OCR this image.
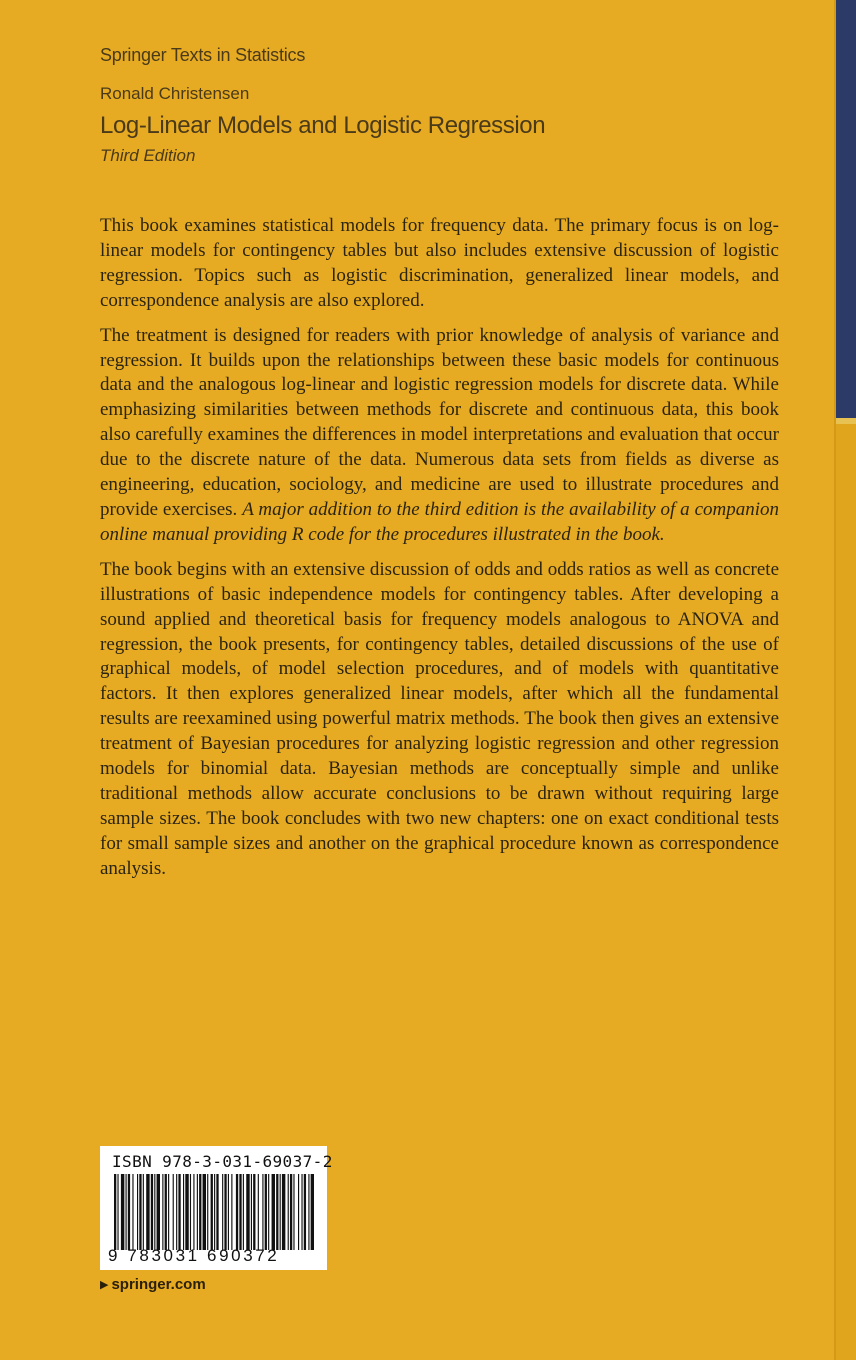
Springer Texts in Statistics
Ronald Christensen
Log-Linear Models and Logistic Regression
Third Edition

This book examines statistical models for frequency data. The primary focus is on log-linear models for contingency tables but also includes extensive discussion of logistic regression. Topics such as logistic discrimination, generalized linear models, and correspondence analysis are also explored.

The treatment is designed for readers with prior knowledge of analysis of variance and regression. It builds upon the relationships between these basic models for continuous data and the analogous log-linear and logistic regression models for discrete data. While emphasizing similarities between methods for discrete and continuous data, this book also carefully examines the differences in model interpretations and evaluation that occur due to the discrete nature of the data. Numerous data sets from fields as diverse as engineering, education, sociology, and medicine are used to illustrate procedures and provide exercises. A major addition to the third edition is the availability of a companion online manual providing R code for the procedures illustrated in the book.

The book begins with an extensive discussion of odds and odds ratios as well as concrete illustrations of basic independence models for contingency tables. After developing a sound applied and theoretical basis for frequency models analogous to ANOVA and regression, the book presents, for contingency tables, detailed discussions of the use of graphical models, of model selection procedures, and of models with quantitative factors. It then explores generalized linear models, after which all the fundamental results are reexamined using powerful matrix methods. The book then gives an extensive treatment of Bayesian procedures for analyzing logistic regression and other regression models for binomial data. Bayesian methods are conceptually simple and unlike traditional methods allow accurate conclusions to be drawn without requiring large sample sizes. The book concludes with two new chapters: one on exact conditional tests for small sample sizes and another on the graphical procedure known as correspondence analysis.

ISBN 978-3-031-69037-2
9 783031 690372
▶ springer.com
